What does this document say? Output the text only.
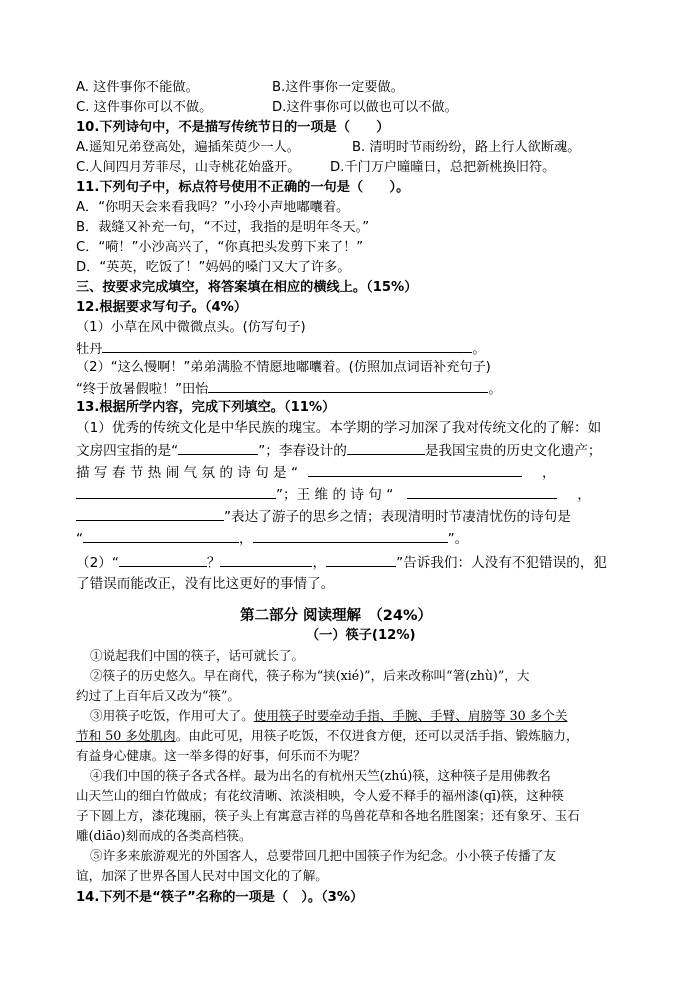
A. 这件事你不能做。	B.这件事你一定要做。
C. 这件事你可以不做。	D.这件事你可以做也可以不做。
10.下列诗句中，不是描写传统节日的一项是（　　）
A.遥知兄弟登高处，遍插茱萸少一人。	B. 清明时节雨纷纷，路上行人欲断魂。
C.人间四月芳菲尽，山寺桃花始盛开。 D.千门万户曈曈日，总把新桃换旧符。
11.下列句子中，标点符号使用不正确的一句是（　　）。
A．“你明天会来看我吗？”小玲小声地嘟囔着。
B．裁缝又补充一句，“不过，我指的是明年冬天。”
C．“嗬！”小沙高兴了，“你真把头发剪下来了！”
D．“英英，吃饭了！”妈妈的嗓门又大了许多。
三、按要求完成填空，将答案填在相应的横线上。（15%）
12.根据要求写句子。（4%）
（1）小草在风中微微点头。(仿写句子)
牡丹	。
（2）“这么慢啊！”弟弟满脸不情愿地嘟囔着。(仿照加点词语补充句子)
“终于放暑假啦！”田怡	。
13.根据所学内容，完成下列填空。（11%）
（1）优秀的传统文化是中华民族的瑰宝。本学期的学习加深了我对传统文化的了解：如
文房四宝指的是“	”；李春设计的	是我国宝贵的历史文化遗产；
描 写 春 节 热 闹 气 氛 的 诗 句 是 “	，
”；王 维 的 诗 句 “	，
”表达了游子的思乡之情；表现清明时节凄清忧伤的诗句是
“	，	”。
（2）“	？	，	”告诉我们：人没有不犯错误的，犯
了错误而能改正，没有比这更好的事情了。
第二部分 阅读理解　（24%）
（一）筷子(12%)
①说起我们中国的筷子，话可就长了。
②筷子的历史悠久。早在商代，筷子称为“挟(xié)”，后来改称叫“箸(zhù)”，大
约过了上百年后又改为“筷”。
③用筷子吃饭，作用可大了。使用筷子时要牵动手指、手腕、手臂、肩膀等 30 多个关
节和 50 多处肌肉。由此可见，用筷子吃饭，不仅进食方便，还可以灵活手指、锻炼脑力，
有益身心健康。这一举多得的好事，何乐而不为呢？
④我们中国的筷子各式各样。最为出名的有杭州天竺(zhú)筷，这种筷子是用佛教名
山天竺山的细白竹做成；有花纹清晰、浓淡相映，令人爱不释手的福州漆(qī)筷，这种筷
子下圆上方，漆花瑰丽，筷子头上有寓意吉祥的鸟兽花草和各地名胜图案；还有象牙、玉石
雕(diāo)刻而成的各类高档筷。
⑤许多来旅游观光的外国客人，总要带回几把中国筷子作为纪念。小小筷子传播了友
谊，加深了世界各国人民对中国文化的了解。
14.下列不是“筷子”名称的一项是（　）。（3%）
